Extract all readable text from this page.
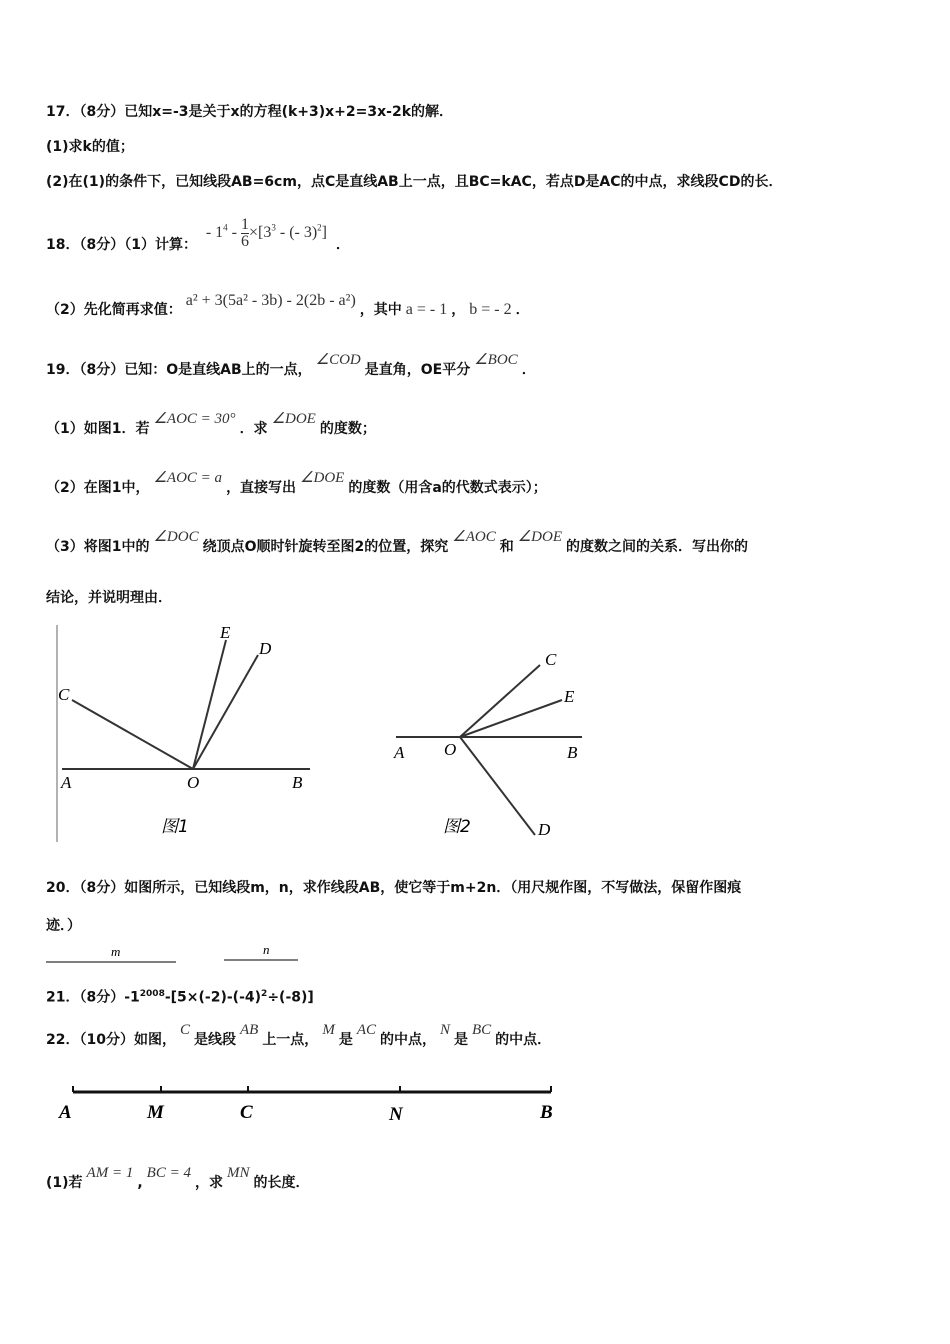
17．（8分）已知x=-3是关于x的方程(k+3)x+2=3x-2k的解．
(1)求k的值；
(2)在(1)的条件下，已知线段AB=6cm，点C是直线AB上一点，且BC=kAC，若点D是AC的中点，求线段CD的长．
18．（8分）（1）计算： - $1^4 - \frac{1}{6} \times[3^3$ - (- 3)$^2$] ．
（2）先化简再求值：a² + 3(5a² - 3b) - 2(2b - a²)，其中 a = - 1 ， b = - 2 ．
19．（8分）已知：O是直线AB上的一点，∠COD是直角，OE平分∠BOC．
（1）如图1．若∠AOC = 30°．求∠DOE的度数；
（2）在图1中，∠AOC = a，直接写出∠DOE的度数（用含a的代数式表示）；
（3）将图1中的∠DOC绕顶点O顺时针旋转至图2的位置，探究∠AOC和∠DOE的度数之间的关系．写出你的
结论，并说明理由．
E
D
C
A	O	B
图1
C
E
A O	B
D
图2
20．（8分）如图所示，已知线段m，n，求作线段AB，使它等于m+2n．（用尺规作图，不写做法，保留作图痕
迹．）
m	n
21．（8分）$-1^{2008}-[5\times(-2)-(-4)^2\div(-8)]$
22．（10分）如图，C是线段AB上一点，M是AC的中点，N是BC的中点．
A	M	C	N	B
(1)若AM = 1,BC = 4，求MN的长度．
